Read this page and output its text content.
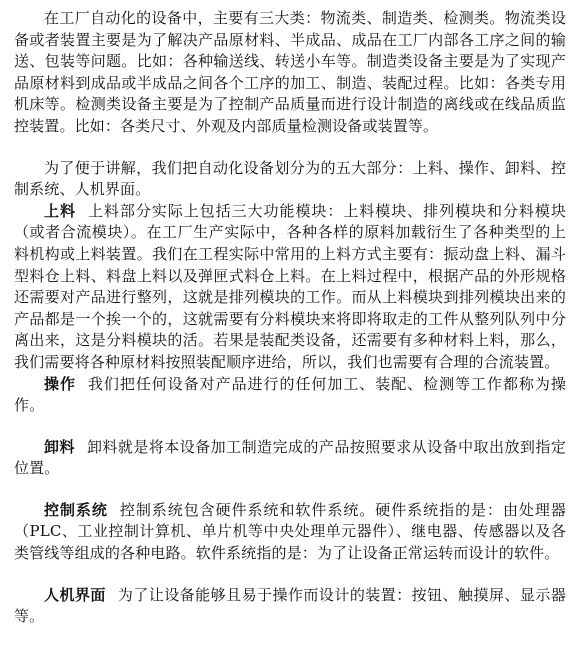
在工厂自动化的设备中，主要有三大类：物流类、制造类、检测类。物流类设备或者装置主要是为了解决产品原材料、半成品、成品在工厂内部各工序之间的输送、包装等问题。比如：各种输送线、转送小车等。制造类设备主要是为了实现产品原材料到成品或半成品之间各个工序的加工、制造、装配过程。比如：各类专用机床等。检测类设备主要是为了控制产品质量而进行设计制造的离线或在线品质监控装置。比如：各类尺寸、外观及内部质量检测设备或装置等。

为了便于讲解，我们把自动化设备划分为的五大部分：上料、操作、卸料、控制系统、人机界面。

上料 上料部分实际上包括三大功能模块：上料模块、排列模块和分料模块（或者合流模块）。在工厂生产实际中，各种各样的原料加载衍生了各种类型的上料机构或上料装置。我们在工程实际中常用的上料方式主要有：振动盘上料、漏斗型料仓上料、料盘上料以及弹匣式料仓上料。在上料过程中，根据产品的外形规格还需要对产品进行整列，这就是排列模块的工作。而从上料模块到排列模块出来的产品都是一个挨一个的，这就需要有分料模块来将即将取走的工件从整列队列中分离出来，这是分料模块的活。若果是装配类设备，还需要有多种材料上料，那么，我们需要将各种原材料按照装配顺序进给，所以，我们也需要有合理的合流装置。

操作 我们把任何设备对产品进行的任何加工、装配、检测等工作都称为操作。

卸料 卸料就是将本设备加工制造完成的产品按照要求从设备中取出放到指定位置。

控制系统 控制系统包含硬件系统和软件系统。硬件系统指的是：由处理器（PLC、工业控制计算机、单片机等中央处理单元器件）、继电器、传感器以及各类管线等组成的各种电路。软件系统指的是：为了让设备正常运转而设计的软件。

人机界面 为了让设备能够且易于操作而设计的装置：按钮、触摸屏、显示器等。
